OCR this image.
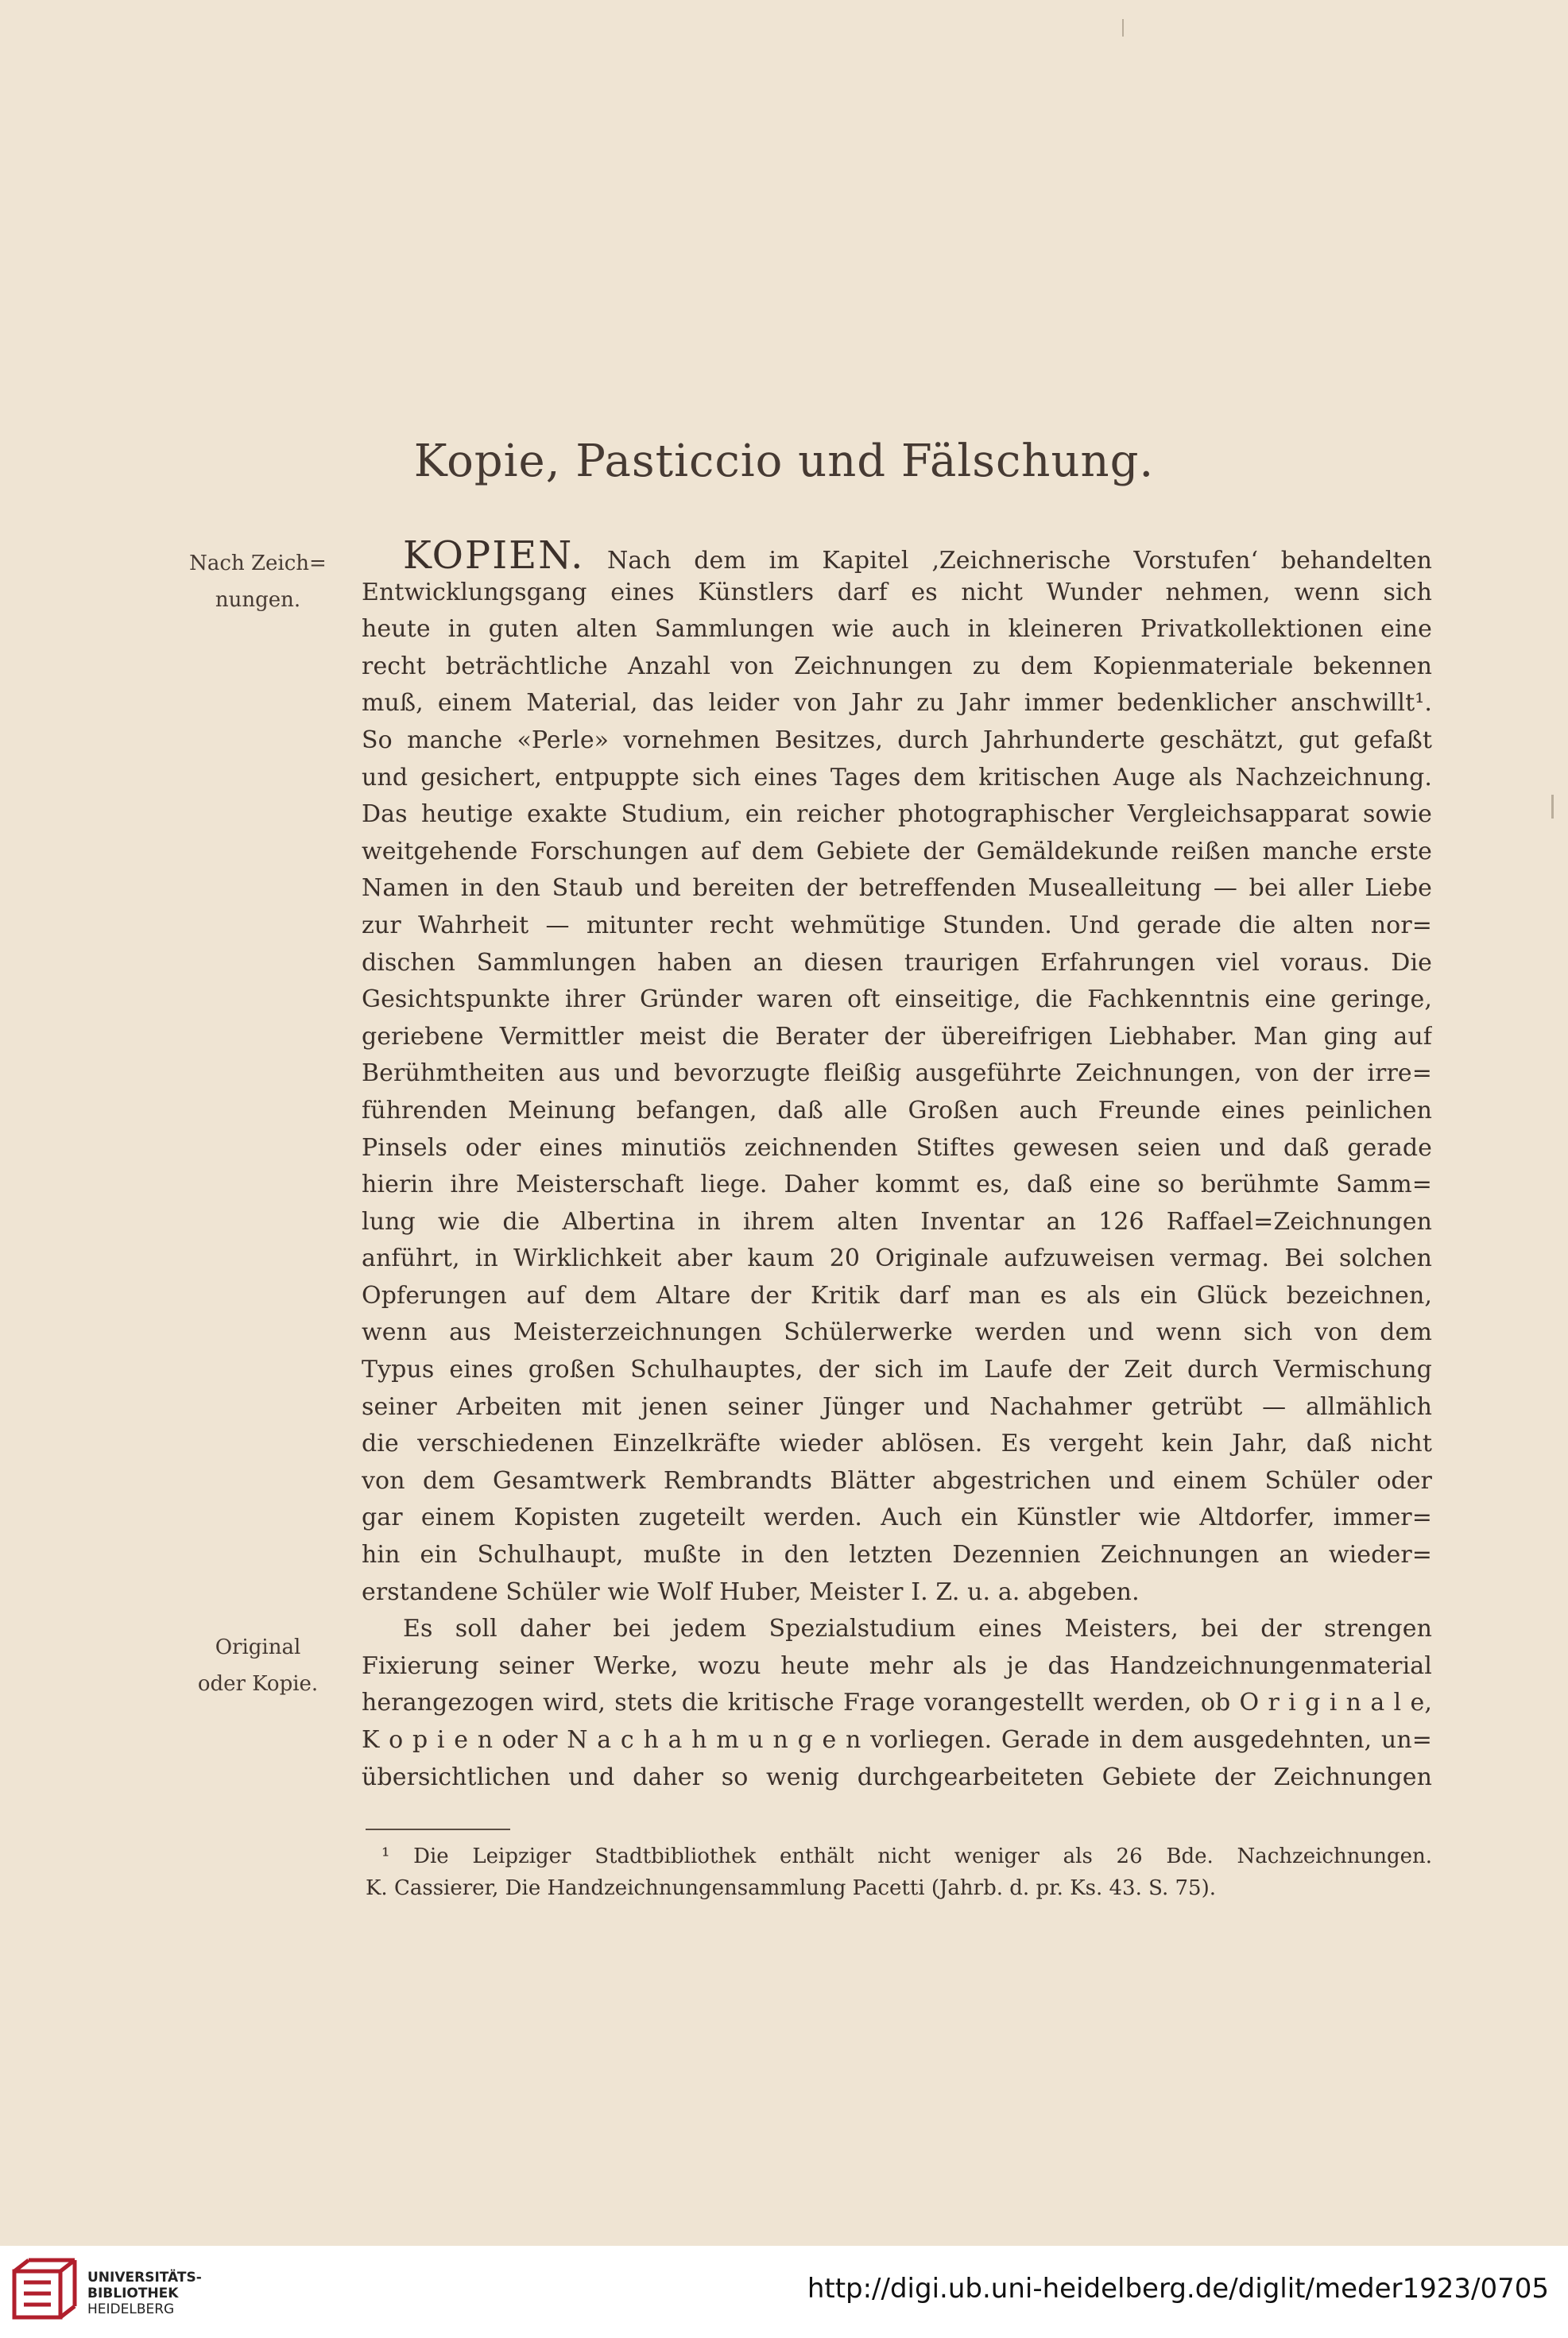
Kopie, Pasticcio und Fälschung.
Nach Zeich=
nungen.
Original
oder Kopie.
KOPIEN. Nach dem im Kapitel ‚Zeichnerische Vorstufen‘ behandelten
Entwicklungsgang eines Künstlers darf es nicht Wunder nehmen, wenn sich
heute in guten alten Sammlungen wie auch in kleineren Privatkollektionen eine
recht beträchtliche Anzahl von Zeichnungen zu dem Kopienmateriale bekennen
muß, einem Material, das leider von Jahr zu Jahr immer bedenklicher anschwillt¹.
So manche «Perle» vornehmen Besitzes, durch Jahrhunderte geschätzt, gut gefaßt
und gesichert, entpuppte sich eines Tages dem kritischen Auge als Nachzeichnung.
Das heutige exakte Studium, ein reicher photographischer Vergleichsapparat sowie
weitgehende Forschungen auf dem Gebiete der Gemäldekunde reißen manche erste
Namen in den Staub und bereiten der betreffenden Musealleitung — bei aller Liebe
zur Wahrheit — mitunter recht wehmütige Stunden. Und gerade die alten nor=
dischen Sammlungen haben an diesen traurigen Erfahrungen viel voraus. Die
Gesichtspunkte ihrer Gründer waren oft einseitige, die Fachkenntnis eine geringe,
geriebene Vermittler meist die Berater der übereifrigen Liebhaber. Man ging auf
Berühmtheiten aus und bevorzugte fleißig ausgeführte Zeichnungen, von der irre=
führenden Meinung befangen, daß alle Großen auch Freunde eines peinlichen
Pinsels oder eines minutiös zeichnenden Stiftes gewesen seien und daß gerade
hierin ihre Meisterschaft liege. Daher kommt es, daß eine so berühmte Samm=
lung wie die Albertina in ihrem alten Inventar an 126 Raffael=Zeichnungen
anführt, in Wirklichkeit aber kaum 20 Originale aufzuweisen vermag. Bei solchen
Opferungen auf dem Altare der Kritik darf man es als ein Glück bezeichnen,
wenn aus Meisterzeichnungen Schülerwerke werden und wenn sich von dem
Typus eines großen Schulhauptes, der sich im Laufe der Zeit durch Vermischung
seiner Arbeiten mit jenen seiner Jünger und Nachahmer getrübt — allmählich
die verschiedenen Einzelkräfte wieder ablösen. Es vergeht kein Jahr, daß nicht
von dem Gesamtwerk Rembrandts Blätter abgestrichen und einem Schüler oder
gar einem Kopisten zugeteilt werden. Auch ein Künstler wie Altdorfer, immer=
hin ein Schulhaupt, mußte in den letzten Dezennien Zeichnungen an wieder=
erstandene Schüler wie Wolf Huber, Meister I. Z. u. a. abgeben.
Es soll daher bei jedem Spezialstudium eines Meisters, bei der strengen
Fixierung seiner Werke, wozu heute mehr als je das Handzeichnungenmaterial
herangezogen wird, stets die kritische Frage vorangestellt werden, ob O r i g i n a l e,
K o p i e n oder N a c h a h m u n g e n vorliegen. Gerade in dem ausgedehnten, un=
übersichtlichen und daher so wenig durchgearbeiteten Gebiete der Zeichnungen
¹ Die Leipziger Stadtbibliothek enthält nicht weniger als 26 Bde. Nachzeichnungen.
K. Cassierer, Die Handzeichnungensammlung Pacetti (Jahrb. d. pr. Ks. 43. S. 75).
UNIVERSITÄTS-
BIBLIOTHEK
HEIDELBERG
http://digi.ub.uni-heidelberg.de/diglit/meder1923/0705
